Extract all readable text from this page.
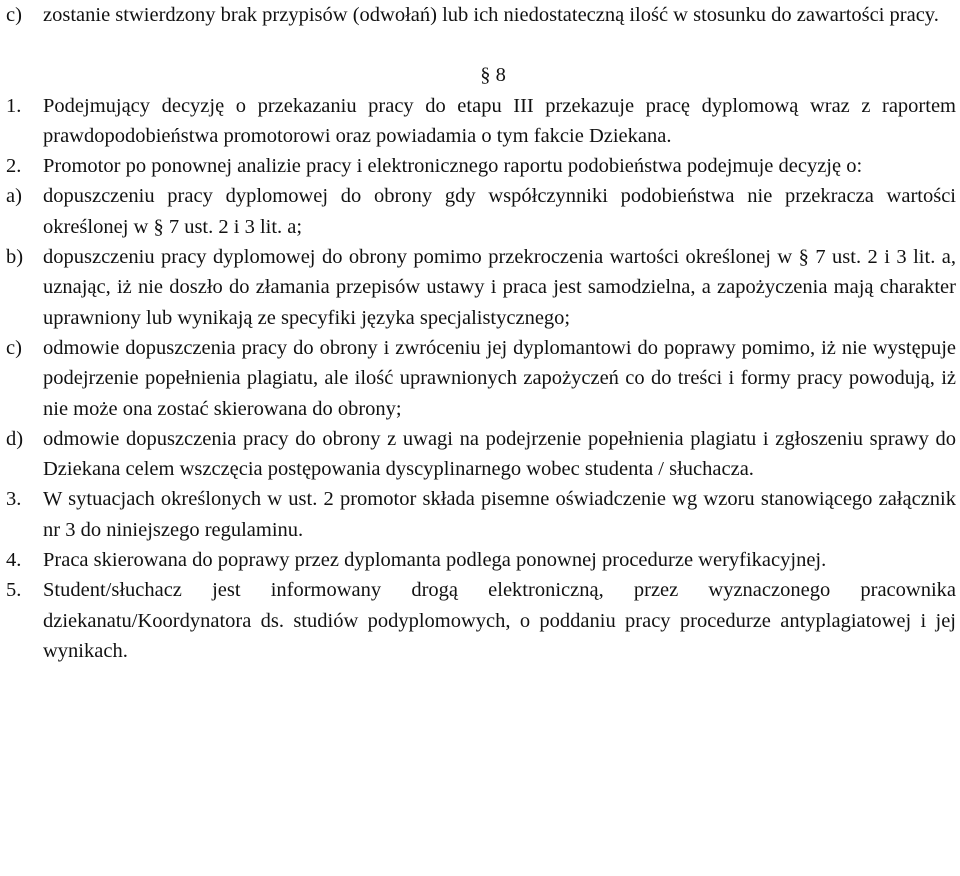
c)	zostanie stwierdzony brak przypisów (odwołań) lub ich niedostateczną ilość w stosunku do zawartości pracy.
§ 8
1.	Podejmujący decyzję o przekazaniu pracy do etapu III przekazuje pracę dyplomową wraz z raportem prawdopodobieństwa promotorowi oraz powiadamia o tym fakcie Dziekana.
2.	Promotor po ponownej analizie pracy i elektronicznego raportu podobieństwa podejmuje decyzję o:
a)	dopuszczeniu pracy dyplomowej do obrony gdy współczynniki podobieństwa nie przekracza wartości określonej w § 7 ust. 2 i 3 lit. a;
b) dopuszczeniu pracy dyplomowej do obrony pomimo przekroczenia wartości określonej w § 7 ust. 2 i 3 lit. a, uznając, iż nie doszło do złamania przepisów ustawy i praca jest samodzielna, a zapożyczenia mają charakter uprawniony lub wynikają ze specyfiki języka specjalistycznego;
c)	odmowie dopuszczenia pracy do obrony i zwróceniu jej dyplomantowi do poprawy pomimo, iż nie występuje podejrzenie popełnienia plagiatu, ale ilość uprawnionych zapożyczeń co do treści i formy pracy powodują, iż nie może ona zostać skierowana do obrony;
d) odmowie dopuszczenia pracy do obrony z uwagi na podejrzenie popełnienia plagiatu i zgłoszeniu sprawy do Dziekana celem wszczęcia postępowania dyscyplinarnego wobec studenta / słuchacza.
3.	W sytuacjach określonych w ust. 2 promotor składa pisemne oświadczenie wg wzoru stanowiącego załącznik nr 3 do niniejszego regulaminu.
4.	Praca skierowana do poprawy przez dyplomanta podlega ponownej procedurze weryfikacyjnej.
5.	Student/słuchacz jest informowany drogą elektroniczną, przez wyznaczonego pracownika dziekanatu/Koordynatora ds. studiów podyplomowych, o poddaniu pracy procedurze antyplagiatowej i jej wynikach.
